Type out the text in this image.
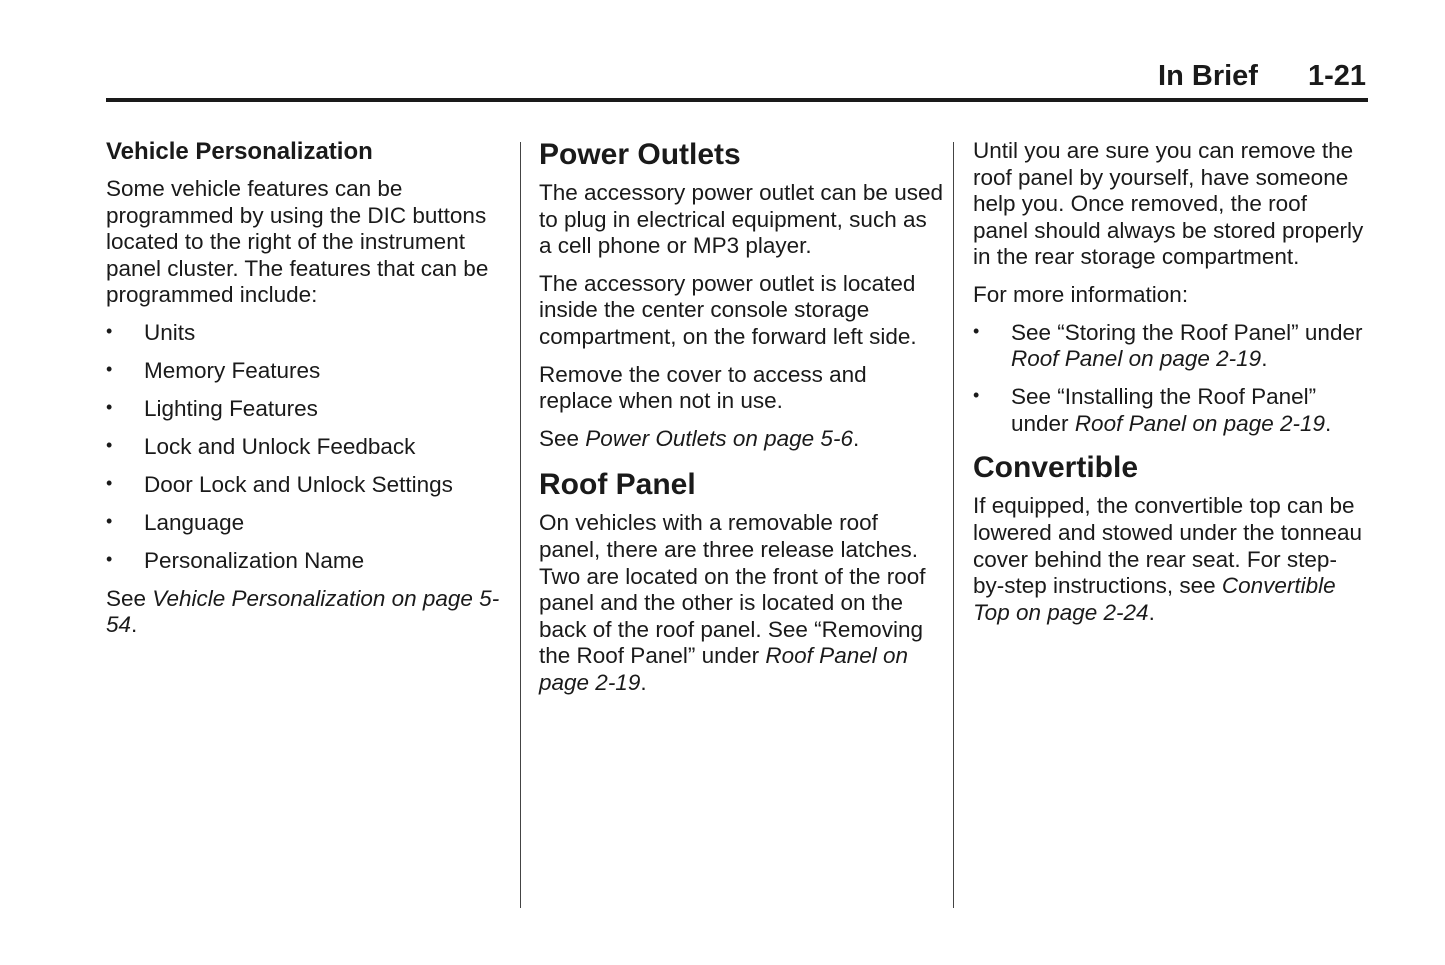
In Brief 1-21
Vehicle Personalization

Some vehicle features can be programmed by using the DIC buttons located to the right of the instrument panel cluster. The features that can be programmed include:

• Units
• Memory Features
• Lighting Features
• Lock and Unlock Feedback
• Door Lock and Unlock Settings
• Language
• Personalization Name

See Vehicle Personalization on page 5-54.

Power Outlets

The accessory power outlet can be used to plug in electrical equipment, such as a cell phone or MP3 player.

The accessory power outlet is located inside the center console storage compartment, on the forward left side.

Remove the cover to access and replace when not in use.

See Power Outlets on page 5-6.

Roof Panel

On vehicles with a removable roof panel, there are three release latches. Two are located on the front of the roof panel and the other is located on the back of the roof panel. See “Removing the Roof Panel” under Roof Panel on page 2-19.

Until you are sure you can remove the roof panel by yourself, have someone help you. Once removed, the roof panel should always be stored properly in the rear storage compartment.

For more information:

• See “Storing the Roof Panel” under Roof Panel on page 2-19.
• See “Installing the Roof Panel” under Roof Panel on page 2-19.
Convertible

If equipped, the convertible top can be lowered and stowed under the tonneau cover behind the rear seat. For step-by-step instructions, see Convertible Top on page 2-24.
